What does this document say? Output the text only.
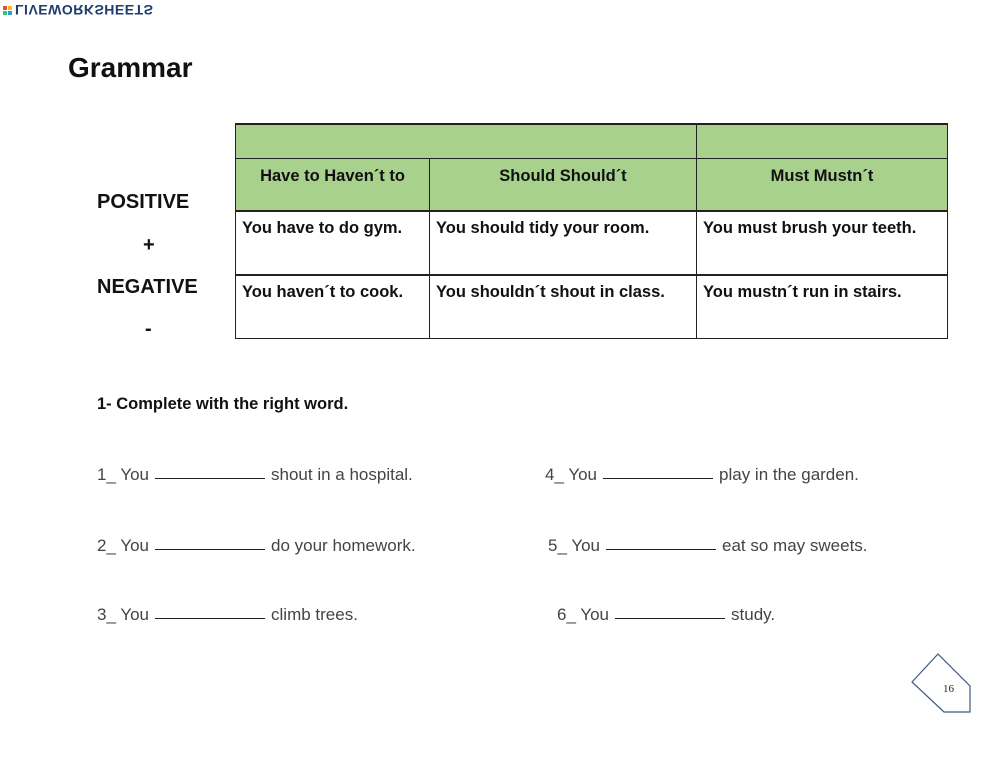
LIVEWORKSHEETS
Grammar
POSITIVE
+
NEGATIVE
-

Have to Haven´t to	Should Should´t	Must Mustn´t
You have to do gym.	You should tidy your room.	You must brush your teeth.
You haven´t to cook.	You shouldn´t shout in class.	You mustn´t run in stairs.
1- Complete with the right word.
1_ You	shout in a hospital.
2_ You	do your homework.
3_ You	climb trees.
4_ You	play in the garden.
5_ You	eat so may sweets.
6_ You	study.
16
